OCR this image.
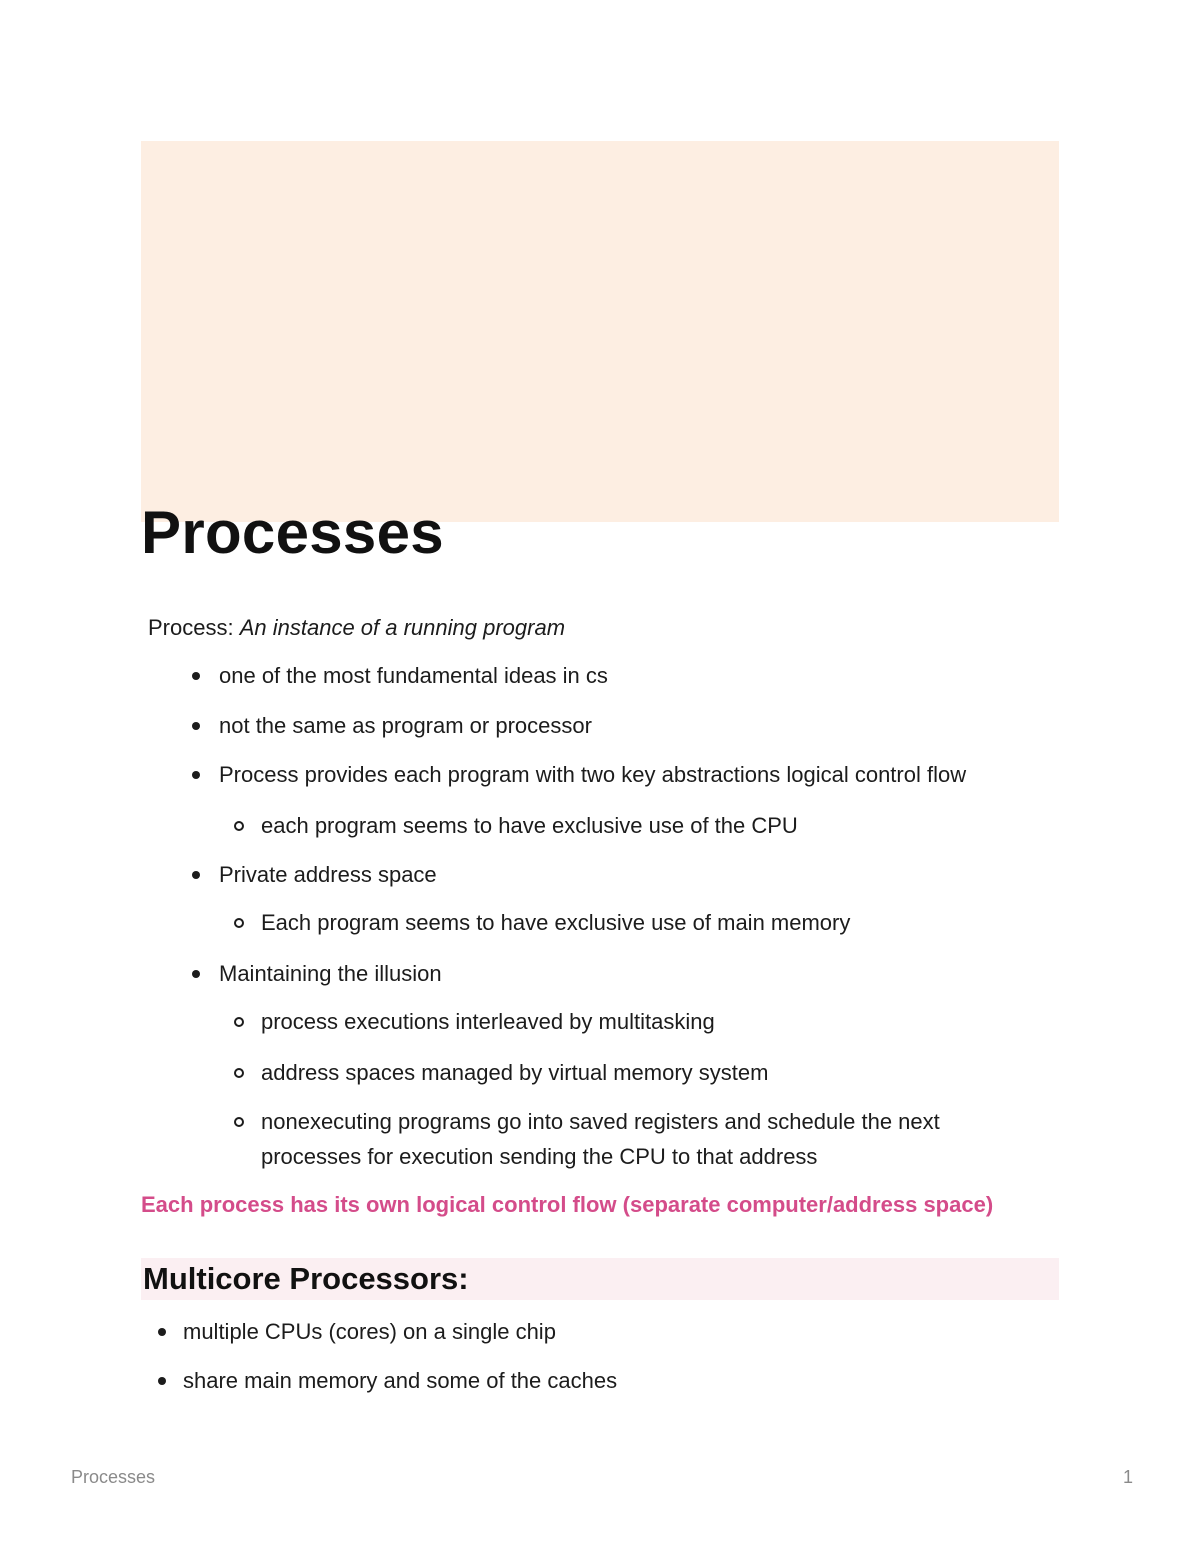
Processes
Process: An instance of a running program
one of the most fundamental ideas in cs
not the same as program or processor
Process provides each program with two key abstractions logical control flow
each program seems to have exclusive use of the CPU
Private address space
Each program seems to have exclusive use of main memory
Maintaining the illusion
process executions interleaved by multitasking
address spaces managed by virtual memory system
nonexecuting programs go into saved registers and schedule the next processes for execution sending the CPU to that address
Each process has its own logical control flow (separate computer/address space)
Multicore Processors:
multiple CPUs (cores) on a single chip
share main memory and some of the caches
Processes	1
